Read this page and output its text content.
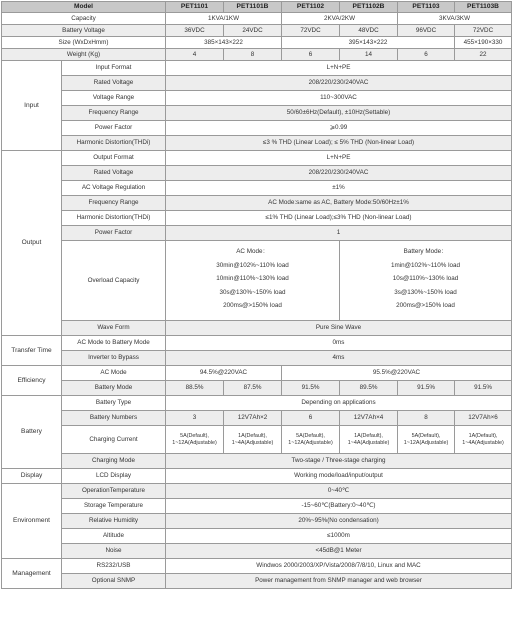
Model		PET1101	PET1101B	PET1102	PET1102B	PET1103	PET1103B
Capacity		1KVA/1KW		2KVA/2KW		3KVA/3KW	
Battery Voltage		36VDC	24VDC	72VDC	48VDC	96VDC	72VDC
Size (WxDxHmm)		385×143×222		395×143×222			455×190×330
Weight (Kg)		4	8	6	14	6	22
Input	Input Format	L+N+PE					
	Rated Voltage	208/220/230/240VAC					
	Voltage Range	110~300VAC					
	Frequency Range	50/60±6Hz(Default), ±10Hz(Settable)					
	Power Factor	⩾0.99					
	Harmonic Distortion(THDi)	≤3 % THD (Linear Load); ≤ 5% THD (Non-linear Load)					
Output	Output Format	L+N+PE					
	Rated Voltage	208/220/230/240VAC					
	AC Voltage Regulation	±1%					
	Frequency Range	AC Mode:same as AC, Battery Mode:50/60Hz±1%					
	Harmonic Distortion(THDi)	≤1% THD (Linear Load);≤3% THD (Non-linear Load)					
	Power Factor	1					
	Overload Capacity	AC Mode：
30min@102%~110% load
10min@110%~130% load
30s@130%~150% load
200ms@>150% load			Battery Mode：
1min@102%~110% load
10s@110%~130% load
3s@130%~150% load
200ms@>150% load		

	Wave Form	Pure Sine Wave					
Transfer Time	AC Mode to Battery Mode	0ms					
	Inverter to Bypass	4ms					
Efficiency	AC Mode	94.5%@220VAC		95.5%@220VAC			
	Battery Mode	88.5%	87.5%	91.5%	89.5%	91.5%	91.5%
Battery	Battery Type	Depending on applications					
	Battery Numbers	3	12V7Ah×2	6	12V7Ah×4	8	12V7Ah×6
	Charging Current	5A(Default),
1~12A(Adjustable)	1A(Default),
1~4A(Adjustable)	5A(Default),
1~12A(Adjustable)	1A(Default),
1~4A(Adjustable)	5A(Default),
1~12A(Adjustable)	1A(Default),
1~4A(Adjustable)
	Charging Mode	Two-stage / Three-stage charging					
Display	LCD Display	Working mode/load/input/output					
Environment	OperationTemperature	0~40℃					
	Storage Temperature	-15~60℃(Battery:0~40℃)					
	Relative Humidity	20%~95%(No condensation)					
	Altitude	≤1000m					
	Noise	<45dB@1 Meter					
Management	RS232/USB	Windwos 2000/2003/XP/Vista/2008/7/8/10, Linux and MAC					
	Optional SNMP	Power management from SNMP manager and web browser					
